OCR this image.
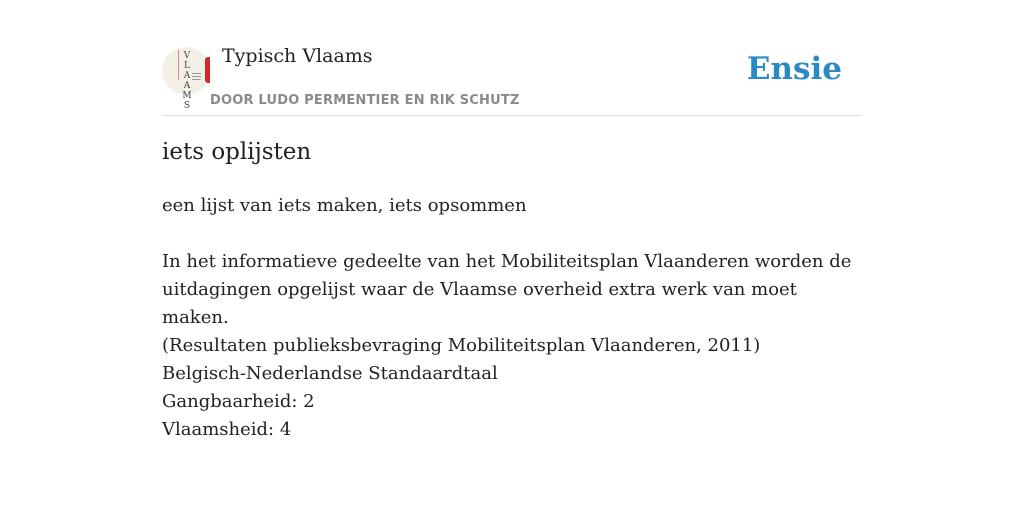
V
L
A
A
M
S
Typisch Vlaams
DOOR LUDO PERMENTIER EN RIK SCHUTZ
Ensie
iets oplijsten
een lijst van iets maken, iets opsommen
In het informatieve gedeelte van het Mobiliteitsplan Vlaanderen worden de
uitdagingen opgelijst waar de Vlaamse overheid extra werk van moet maken.
(Resultaten publieksbevraging Mobiliteitsplan Vlaanderen, 2011)
Belgisch-Nederlandse Standaardtaal
Gangbaarheid: 2
Vlaamsheid: 4
